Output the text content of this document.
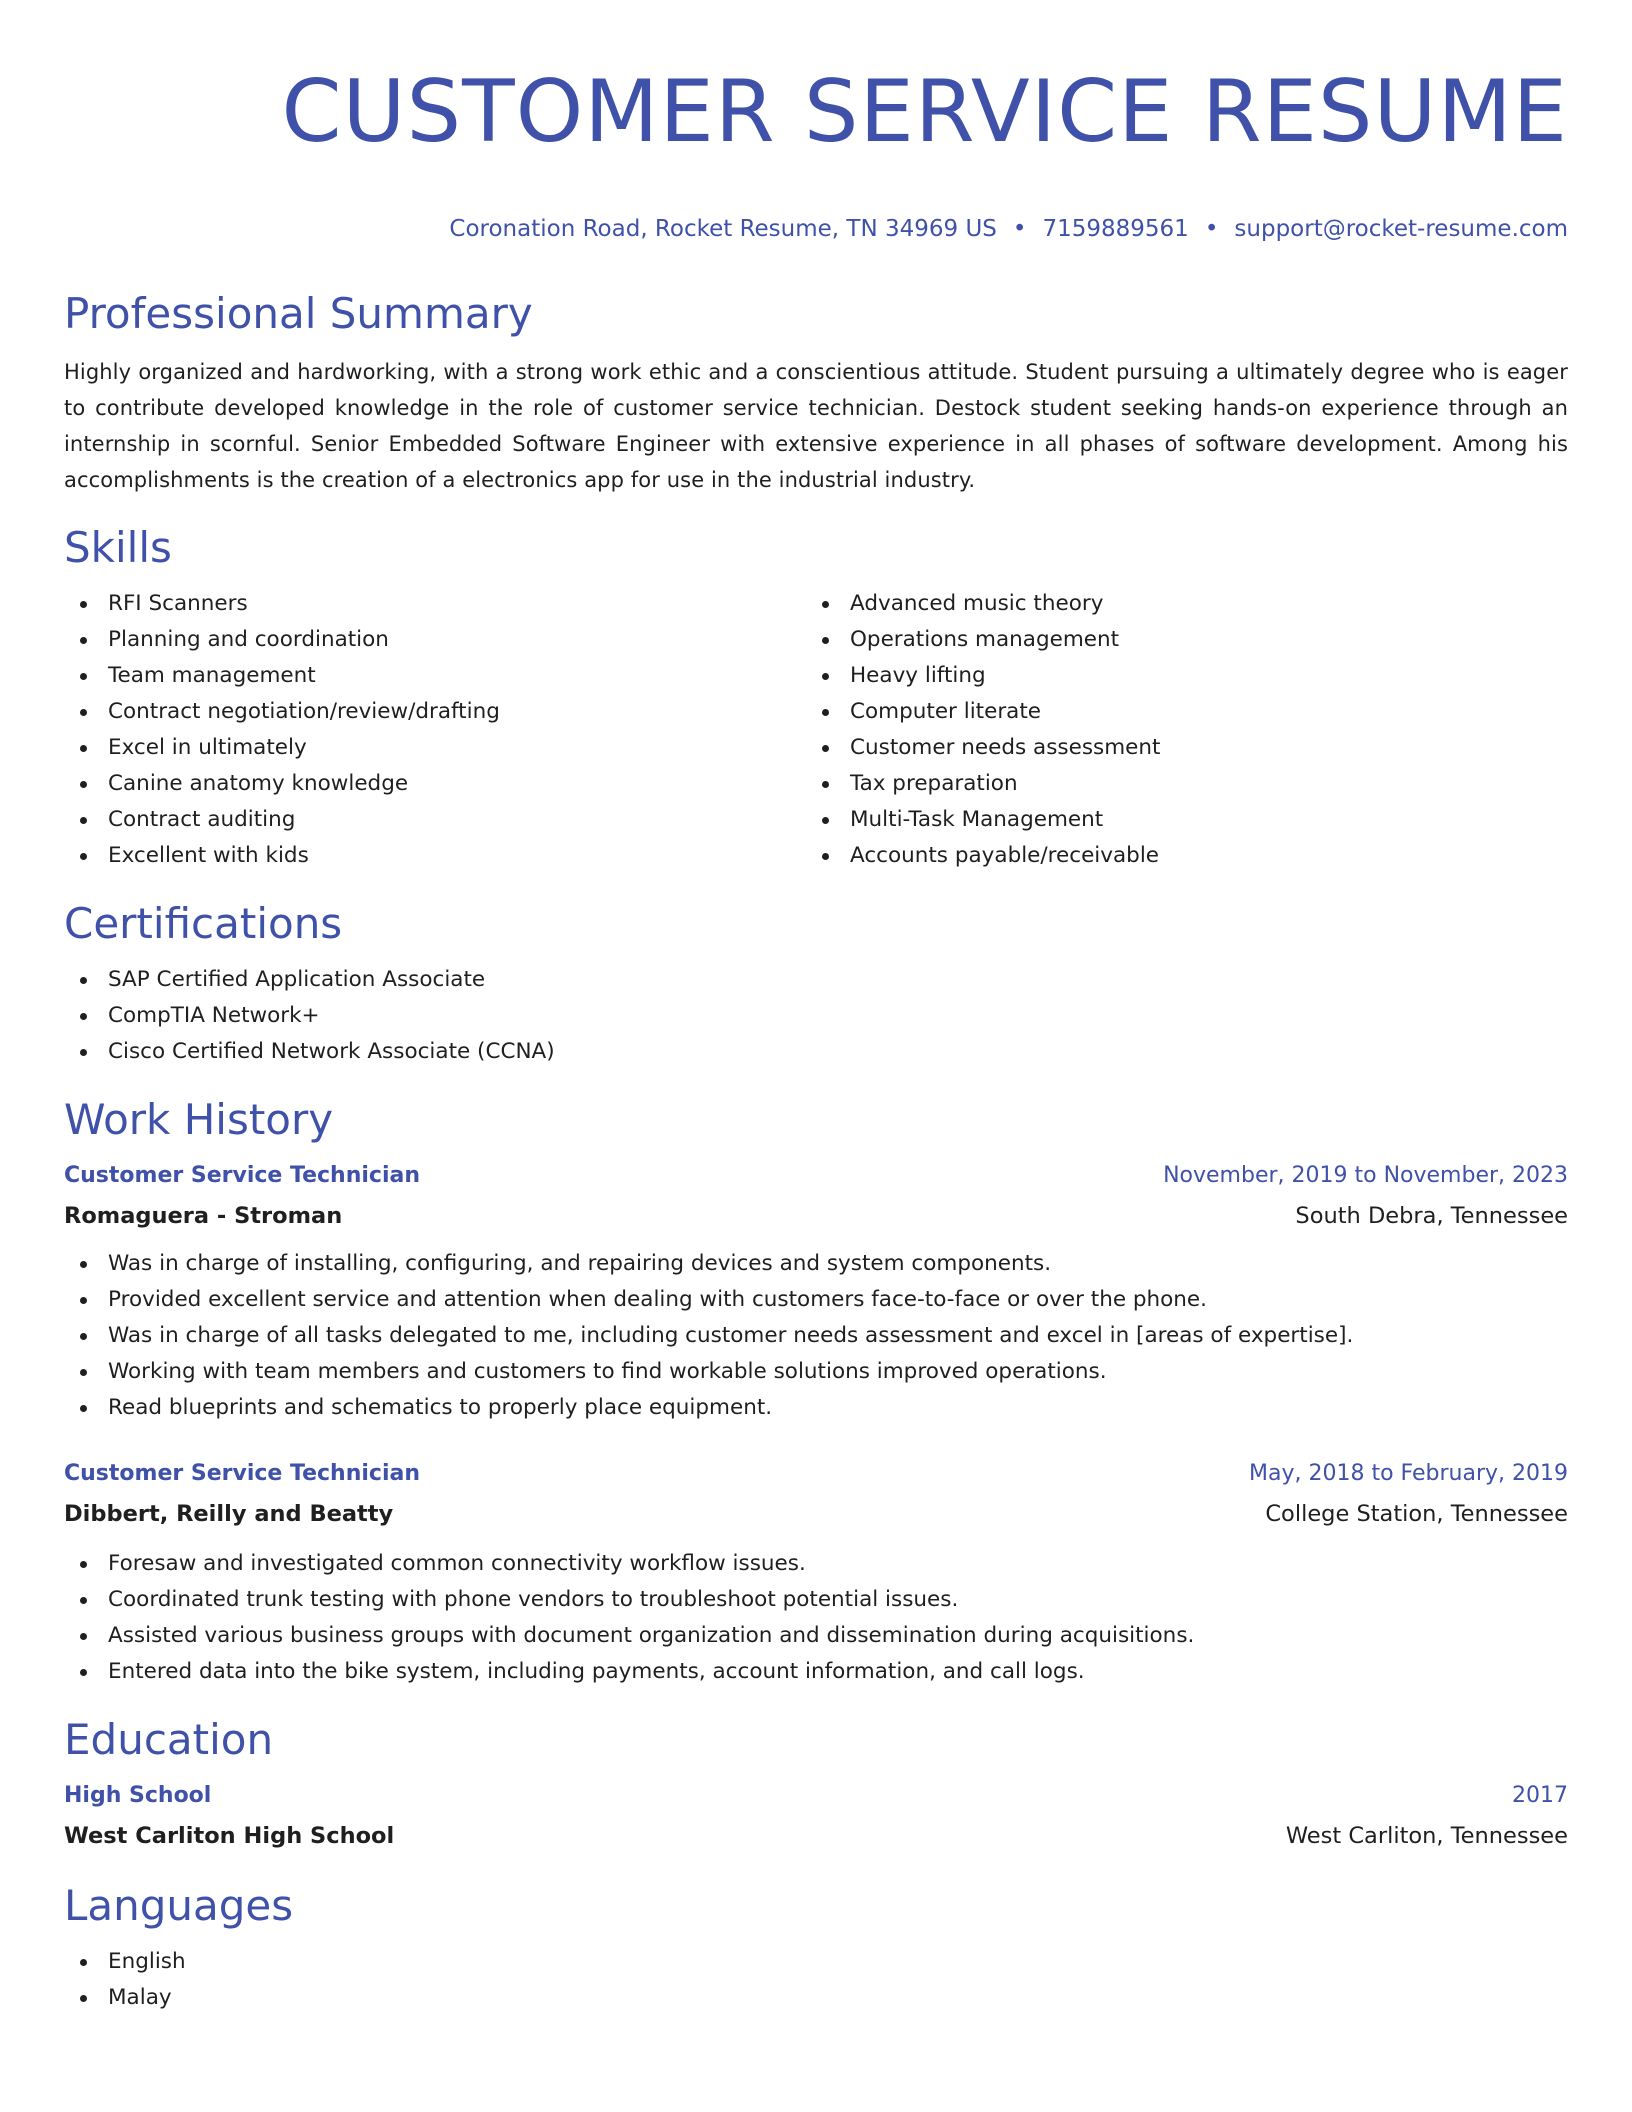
CUSTOMER SERVICE RESUME
Coronation Road, Rocket Resume, TN 34969 US • 7159889561 • support@rocket-resume.com
Professional Summary

Highly organized and hardworking, with a strong work ethic and a conscientious attitude. Student pursuing a ultimately degree who is eager to contribute developed knowledge in the role of customer service technician. Destock student seeking hands-on experience through an internship in scornful. Senior Embedded Software Engineer with extensive experience in all phases of software development. Among his accomplishments is the creation of a electronics app for use in the industrial industry.

Skills
RFI Scanners
Planning and coordination
Team management
Contract negotiation/review/drafting
Excel in ultimately
Canine anatomy knowledge
Contract auditing
Excellent with kids
Advanced music theory
Operations management
Heavy lifting
Computer literate
Customer needs assessment
Tax preparation
Multi-Task Management
Accounts payable/receivable
Certifications
SAP Certified Application Associate
CompTIA Network+
Cisco Certified Network Associate (CCNA)
Work History
Customer Service Technician	November, 2019 to November, 2023
Romaguera - Stroman	South Debra, Tennessee
Was in charge of installing, configuring, and repairing devices and system components.
Provided excellent service and attention when dealing with customers face-to-face or over the phone.
Was in charge of all tasks delegated to me, including customer needs assessment and excel in [areas of expertise].
Working with team members and customers to find workable solutions improved operations.
Read blueprints and schematics to properly place equipment.
Customer Service Technician	May, 2018 to February, 2019
Dibbert, Reilly and Beatty	College Station, Tennessee
Foresaw and investigated common connectivity workflow issues.
Coordinated trunk testing with phone vendors to troubleshoot potential issues.
Assisted various business groups with document organization and dissemination during acquisitions.
Entered data into the bike system, including payments, account information, and call logs.
Education
High School	2017
West Carliton High School	West Carliton, Tennessee
Languages
English
Malay
